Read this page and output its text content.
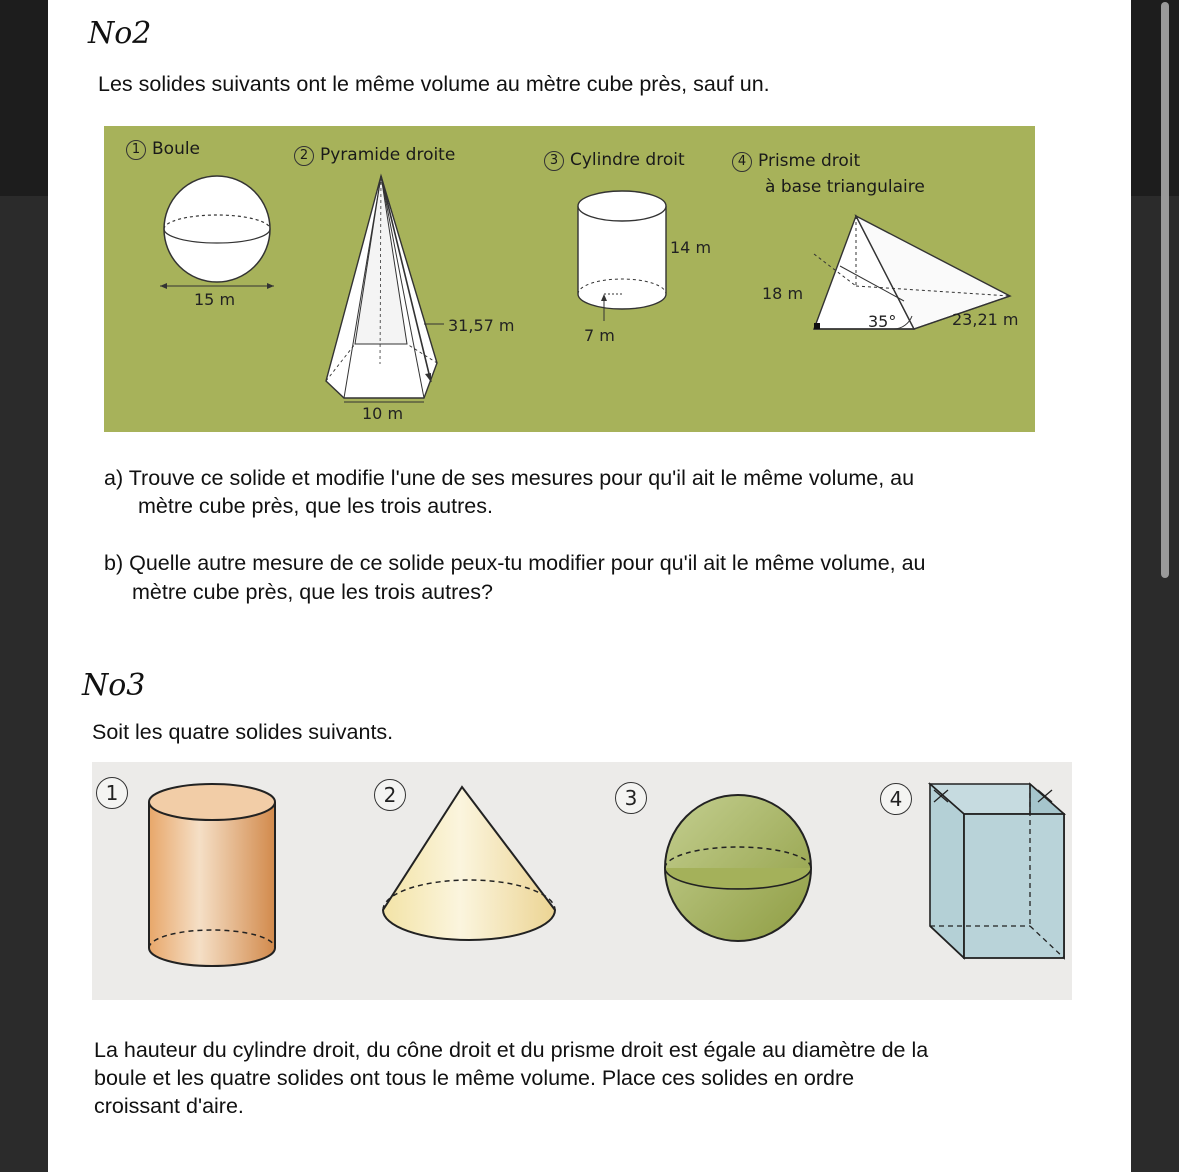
No2
Les solides suivants ont le même volume au mètre cube près, sauf un.
1 Boule	2 Pyramide droite	3 Cylindre droit	4 Prisme droit
à base triangulaire
15 m
31,57 m
10 m
14 m
7 m
18 m
35°	23,21 m
a) Trouve ce solide et modifie l'une de ses mesures pour qu'il ait le même volume, au
mètre cube près, que les trois autres.
b) Quelle autre mesure de ce solide peux-tu modifier pour qu'il ait le même volume, au
mètre cube près, que les trois autres?
No3
Soit les quatre solides suivants.
1	2	3	4
La hauteur du cylindre droit, du cône droit et du prisme droit est égale au diamètre de la
boule et les quatre solides ont tous le même volume. Place ces solides en ordre
croissant d'aire.
